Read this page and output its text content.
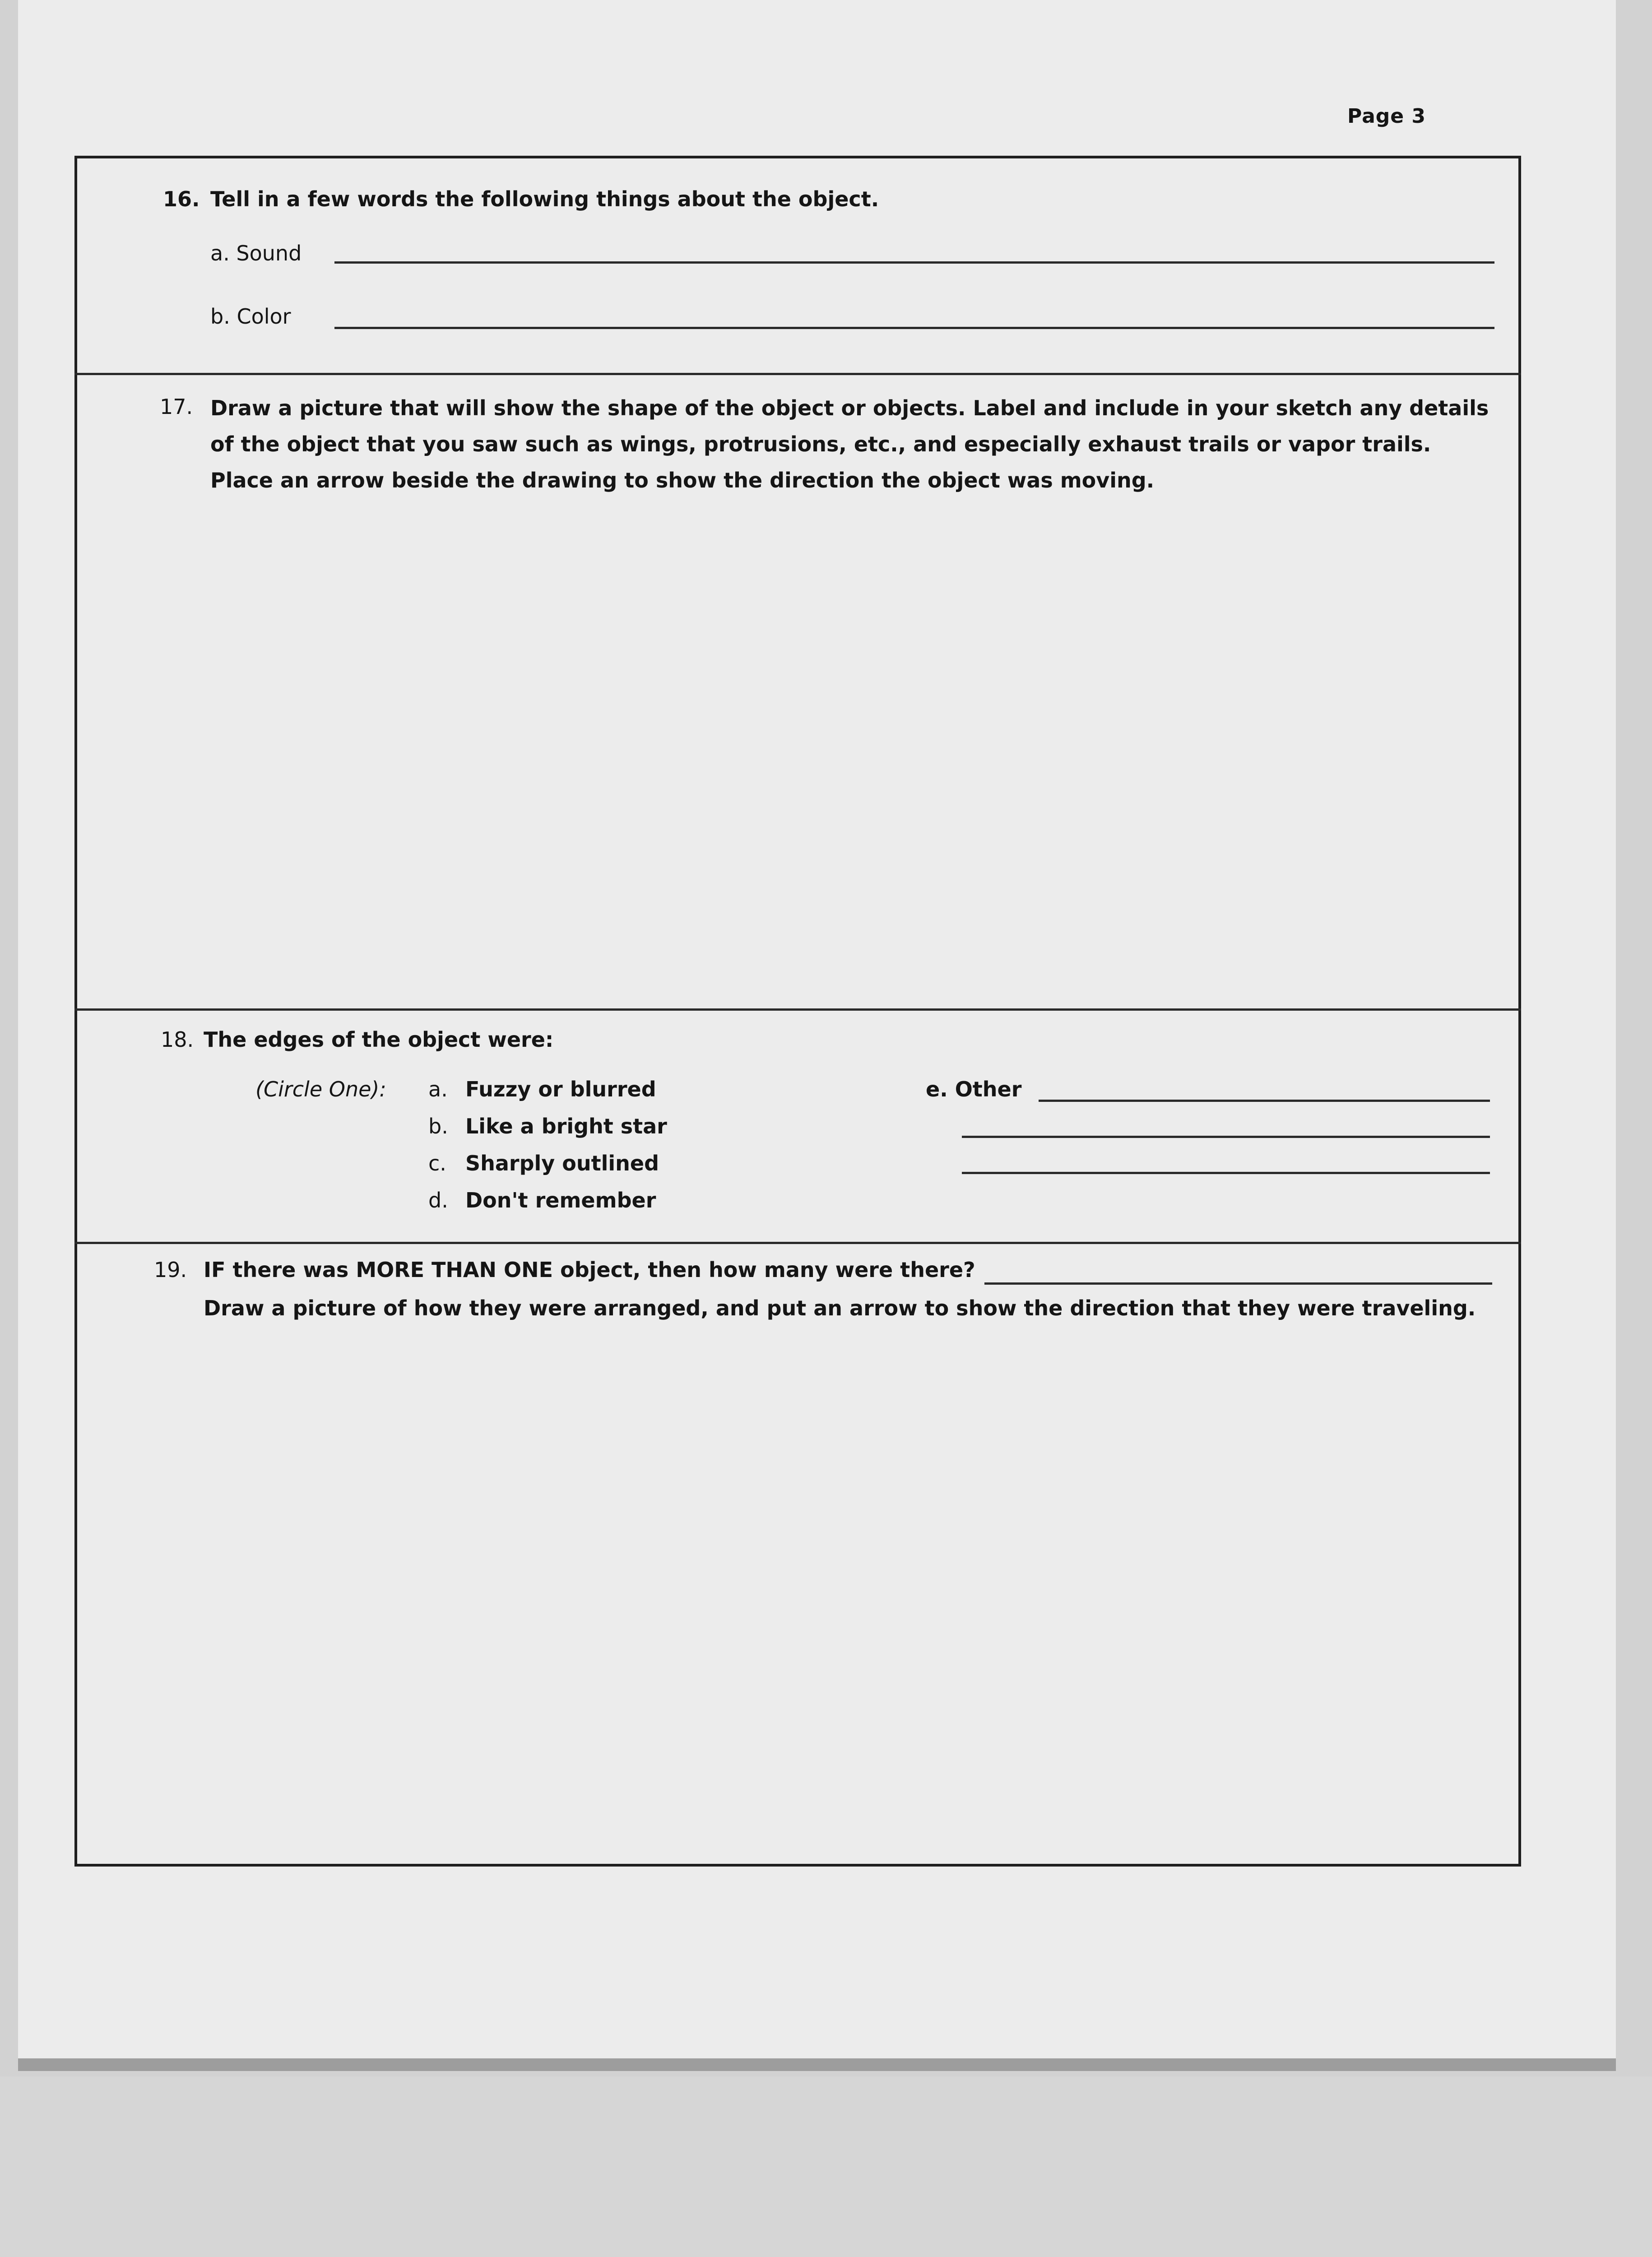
Page 3
16. Tell in a few words the following things about the object.
a. Sound
b. Color
17. Draw a picture that will show the shape of the object or objects. Label and include in your sketch any details
of the object that you saw such as wings, protrusions, etc., and especially exhaust trails or vapor trails.
Place an arrow beside the drawing to show the direction the object was moving.
18. The edges of the object were:
(Circle One): a. Fuzzy or blurred
b. Like a bright star
c. Sharply outlined
d. Don't remember
e. Other
19. IF there was MORE THAN ONE object, then how many were there?
Draw a picture of how they were arranged, and put an arrow to show the direction that they were traveling.
